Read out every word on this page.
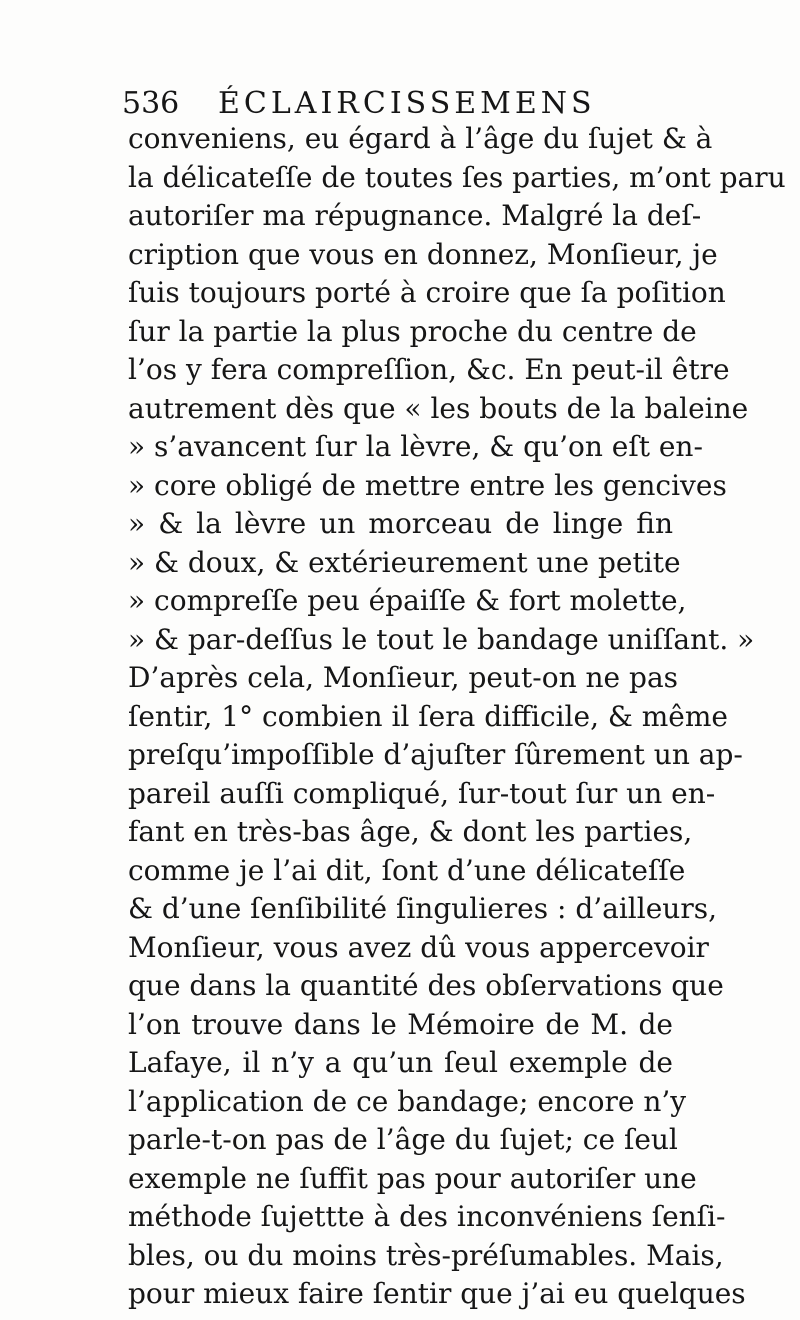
536 ÉCLAIRCISSEMENS
conveniens, eu égard à l’âge du ſujet & à
la délicateſſe de toutes ſes parties, m’ont paru
autoriſer ma répugnance. Malgré la deſ-
cription que vous en donnez, Monſieur, je
ſuis toujours porté à croire que ſa poſition
ſur la partie la plus proche du centre de
l’os y fera compreſſion, &c. En peut-il être
autrement dès que « les bouts de la baleine
» s’avancent ſur la lèvre, & qu’on eſt en-
» core obligé de mettre entre les gencives
» & la lèvre un morceau de linge fin
» & doux, & extérieurement une petite
» compreſſe peu épaiſſe & fort molette,
» & par-deſſus le tout le bandage uniſſant. »
D’après cela, Monſieur, peut-on ne pas
ſentir, 1° combien il ſera difficile, & même
preſqu’impoſſible d’ajuſter ſûrement un ap-
pareil auſſi compliqué, ſur-tout ſur un en-
fant en très-bas âge, & dont les parties,
comme je l’ai dit, ſont d’une délicateſſe
& d’une ſenſibilité ſingulieres : d’ailleurs,
Monſieur, vous avez dû vous appercevoir
que dans la quantité des obſervations que
l’on trouve dans le Mémoire de M. de
Lafaye, il n’y a qu’un ſeul exemple de
l’application de ce bandage; encore n’y
parle-t-on pas de l’âge du ſujet; ce ſeul
exemple ne ſuffit pas pour autoriſer une
méthode ſujettte à des inconvéniens ſenſi-
bles, ou du moins très-préſumables. Mais,
pour mieux faire ſentir que j’ai eu quelques
